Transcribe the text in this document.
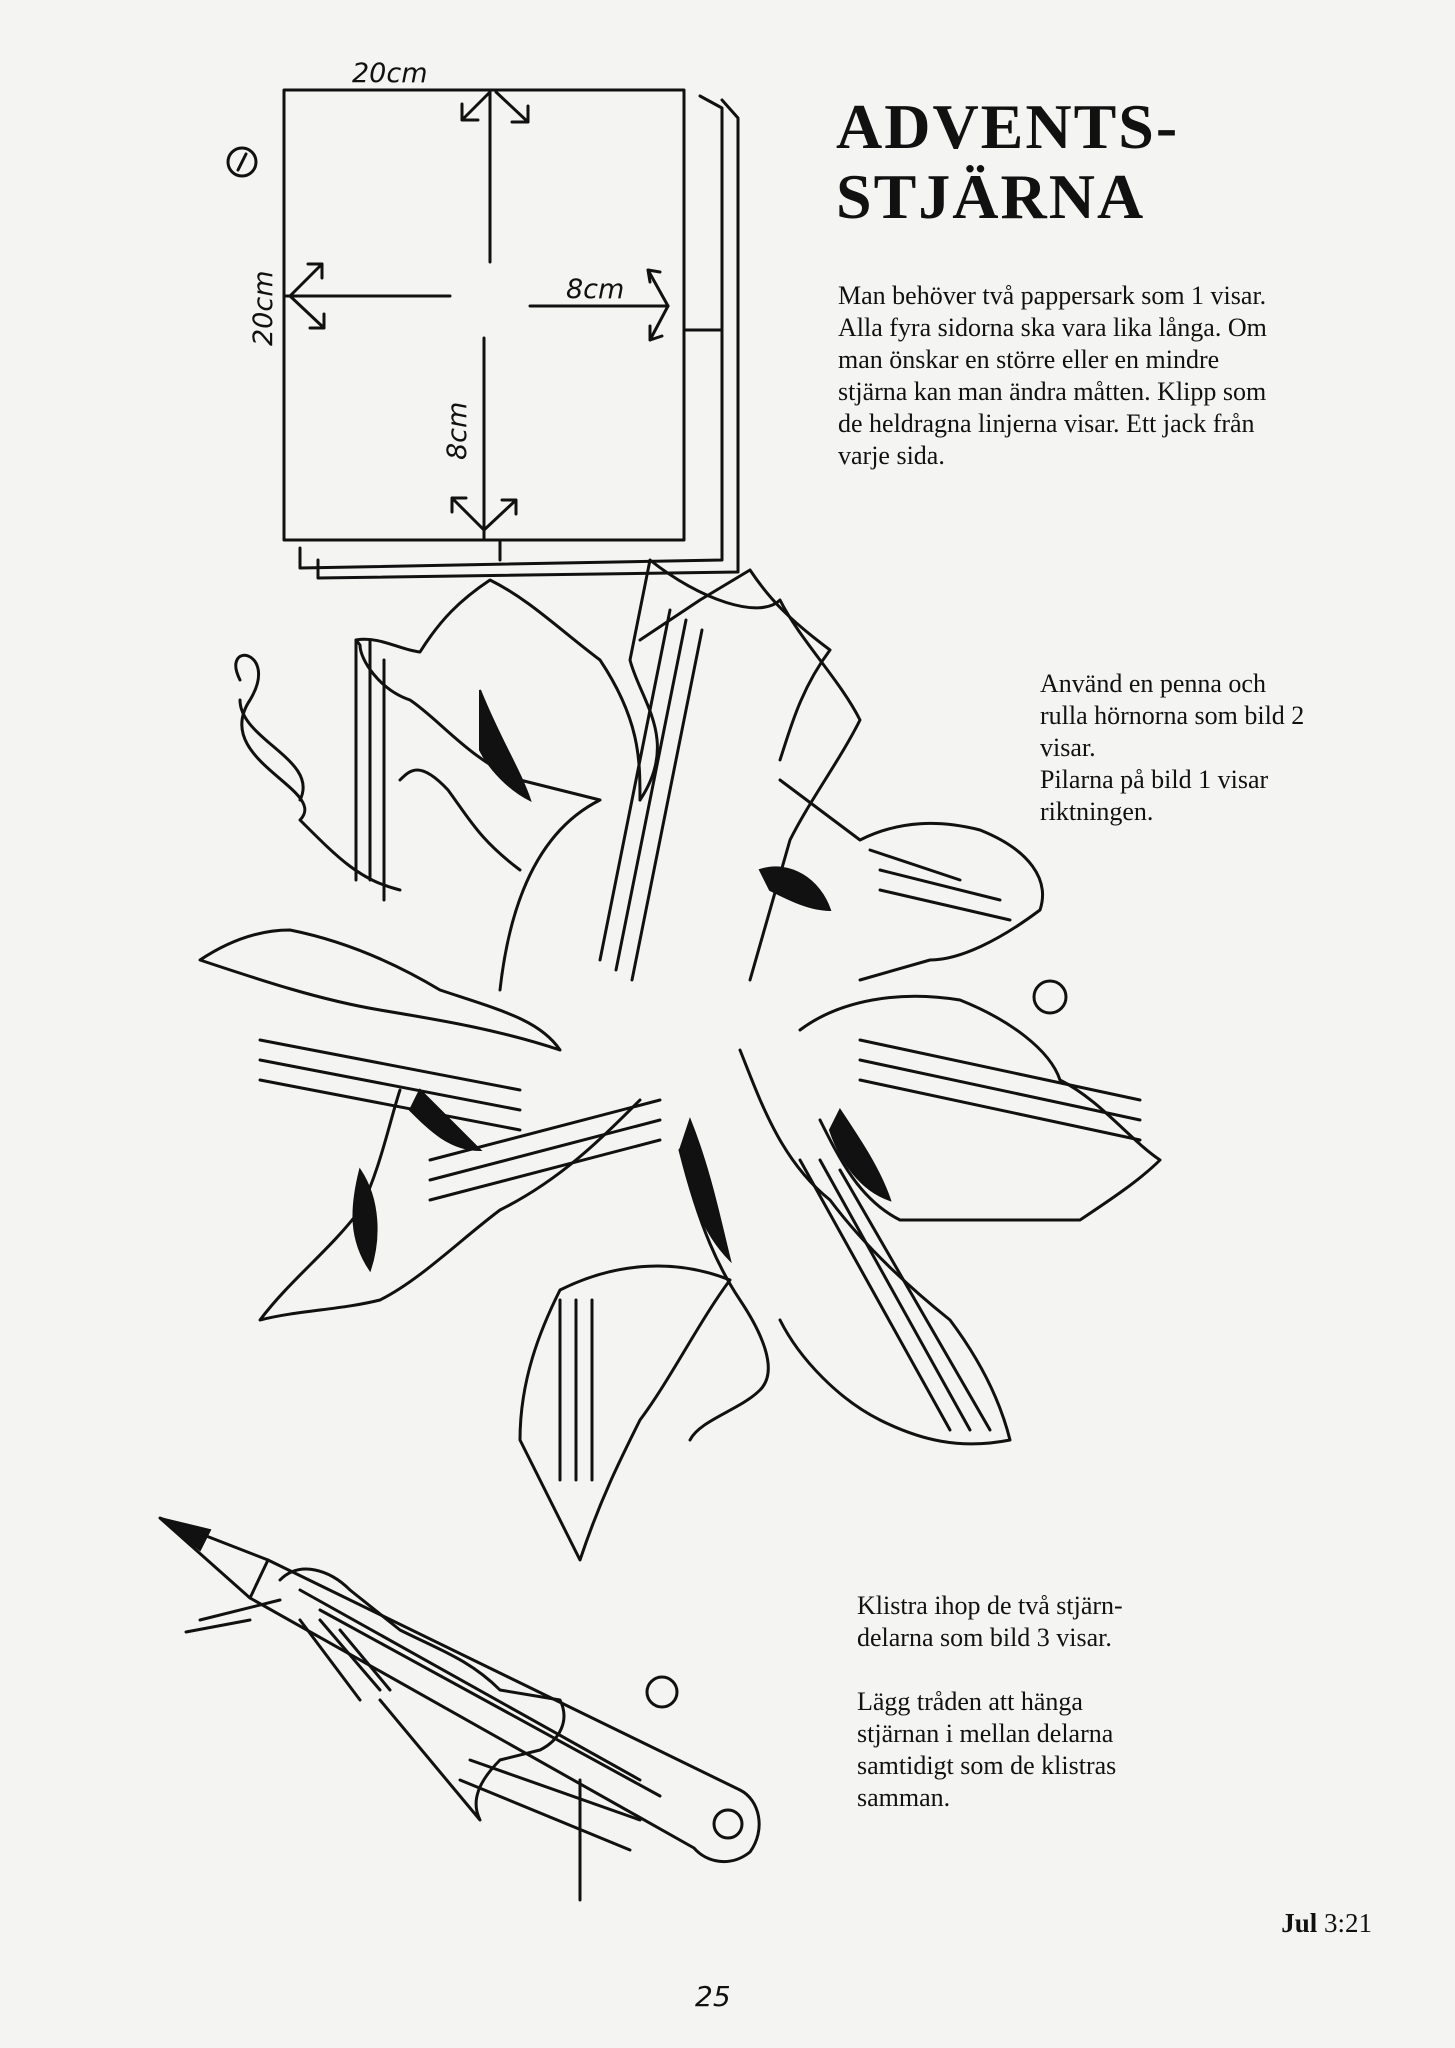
20cm
20cm	8cm
8cm
ADVENTS-
STJÄRNA

Man behöver två pappersark som 1 visar.
Alla fyra sidorna ska vara lika långa. Om
man önskar en större eller en mindre
stjärna kan man ändra måtten. Klipp som
de heldragna linjerna visar. Ett jack från
varje sida.

Använd en penna och
rulla hörnorna som bild 2
visar.
Pilarna på bild 1 visar
riktningen.

Klistra ihop de två stjärn-
delarna som bild 3 visar.

Lägg tråden att hänga
stjärnan i mellan delarna
samtidigt som de klistras
samman.

Jul 3:21
25
